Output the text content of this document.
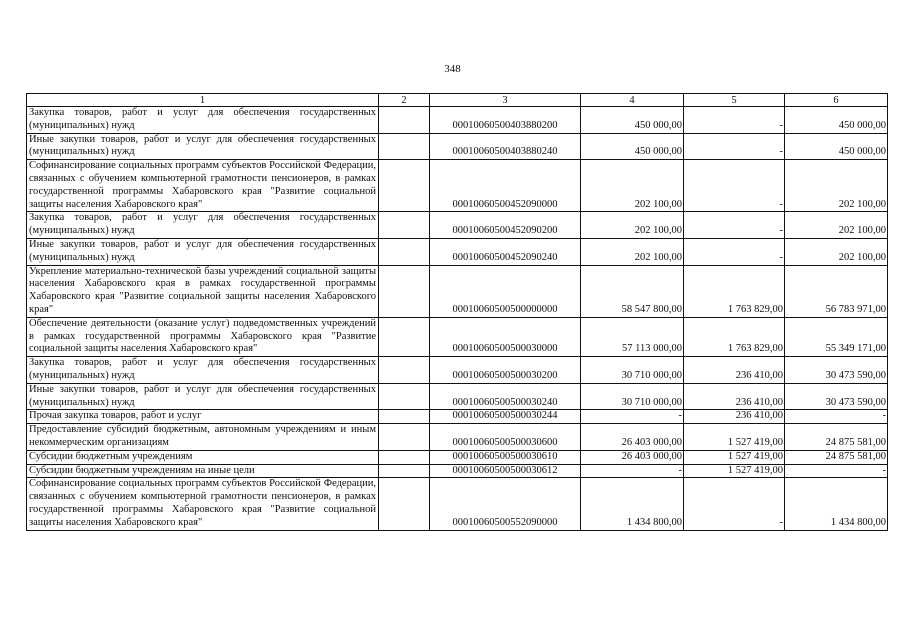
348
1	2	3	4	5	6
Закупка товаров, работ и услуг для обеспечения государственных (муниципальных) нужд		00010060500403880200	450 000,00	-	450 000,00
Иные закупки товаров, работ и услуг для обеспечения государственных (муниципальных) нужд		00010060500403880240	450 000,00	-	450 000,00
Софинансирование социальных программ субъектов Российской Федерации, связанных с обучением компьютерной грамотности пенсионеров, в рамках государственной программы Хабаровского края "Развитие социальной защиты населения Хабаровского края"		00010060500452090000	202 100,00	-	202 100,00
Закупка товаров, работ и услуг для обеспечения государственных (муниципальных) нужд		00010060500452090200	202 100,00	-	202 100,00
Иные закупки товаров, работ и услуг для обеспечения государственных (муниципальных) нужд		00010060500452090240	202 100,00	-	202 100,00
Укрепление материально-технической базы учреждений социальной защиты населения Хабаровского края в рамках государственной программы Хабаровского края "Развитие социальной защиты населения Хабаровского края"		00010060500500000000	58 547 800,00	1 763 829,00	56 783 971,00
Обеспечение деятельности (оказание услуг) подведомственных учреждений в рамках государственной программы Хабаровского края "Развитие социальной защиты населения Хабаровского края"		00010060500500030000	57 113 000,00	1 763 829,00	55 349 171,00
Закупка товаров, работ и услуг для обеспечения государственных (муниципальных) нужд		00010060500500030200	30 710 000,00	236 410,00	30 473 590,00
Иные закупки товаров, работ и услуг для обеспечения государственных (муниципальных) нужд		00010060500500030240	30 710 000,00	236 410,00	30 473 590,00
Прочая закупка товаров, работ и услуг		00010060500500030244	-	236 410,00	-
Предоставление субсидий бюджетным, автономным учреждениям и иным некоммерческим организациям		00010060500500030600	26 403 000,00	1 527 419,00	24 875 581,00
Субсидии бюджетным учреждениям		00010060500500030610	26 403 000,00	1 527 419,00	24 875 581,00
Субсидии бюджетным учреждениям на иные цели		00010060500500030612	-	1 527 419,00	-
Софинансирование социальных программ субъектов Российской Федерации, связанных с обучением компьютерной грамотности пенсионеров, в рамках государственной программы Хабаровского края "Развитие социальной защиты населения Хабаровского края"		00010060500552090000	1 434 800,00	-	1 434 800,00
